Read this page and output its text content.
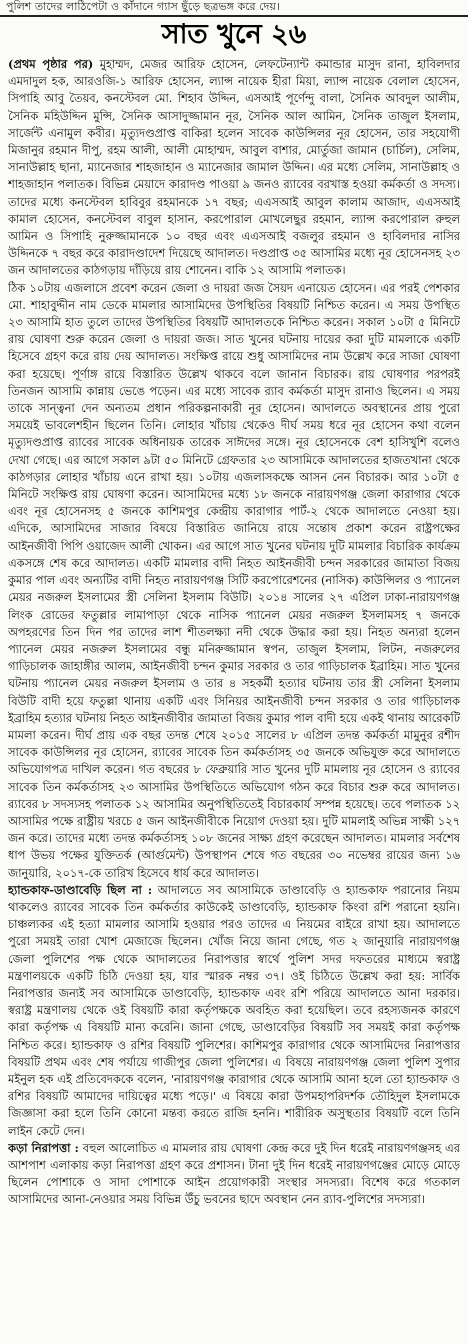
পুলিশ তাদের লাঠিপেটা ও কাঁদানে গ্যাস ছুঁড়ে ছত্রভঙ্গ করে দেয়।
সাত খুনে ২৬

(প্রথম পৃষ্ঠার পর) মুহাম্মদ, মেজর আরিফ হোসেন, লেফটেন্যান্ট কমান্ডার মাসুদ রানা, হাবিলদার এমদাদুল হক, আরওজি-১ আরিফ হোসেন, ল্যান্স নায়েক হীরা মিয়া, ল্যান্স নায়েক বেলাল হোসেন, সিপাহি আবু তৈয়ব, কনস্টেবল মো. শিহাব উদ্দিন, এসআই পূর্ণেন্দু বালা, সৈনিক আবদুল আলীম, সৈনিক মহিউদ্দিন মুন্সি, সৈনিক আসাদুজ্জামান নূর, সৈনিক আল আমিন, সৈনিক তাজুল ইসলাম, সার্জেন্ট এনামুল কবীর। মৃত্যুদণ্ডপ্রাপ্ত বাকিরা হলেন সাবেক কাউন্সিলর নূর হোসেন, তার সহযোগী মিজানুর রহমান দীপু, রহম আলী, আলী মোহাম্মদ, আবুল বাশার, মোর্তুজা জামান (চার্চিল), সেলিম, সানাউল্লাহ ছানা, ম্যানেজার শাহজাহান ও ম্যানেজার জামাল উদ্দিন। এর মধ্যে সেলিম, সানাউল্লাহ ও শাহজাহান পলাতক। বিভিন্ন মেয়াদে কারাদণ্ড পাওয়া ৯ জনও র‌্যাবের বরখাস্ত হওয়া কর্মকর্তা ও সদস্য। তাদের মধ্যে কনস্টেবল হাবিবুর রহমানকে ১৭ বছর; এএসআই আবুল কালাম আজাদ, এএসআই কামাল হোসেন, কনস্টেবল বাবুল হাসান, করপোরাল মোখলেছুর রহমান, ল্যান্স করপোরাল রুহুল আমিন ও সিপাহি নুরুজ্জামানকে ১০ বছর এবং এএসআই বজলুর রহমান ও হাবিলদার নাসির উদ্দিনকে ৭ বছর করে কারাদণ্ডাদেশ দিয়েছে আদালত। দণ্ডপ্রাপ্ত ৩৫ আসামির মধ্যে নূর হোসেনসহ ২৩ জন আদালতের কাঠগড়ায় দাঁড়িয়ে রায় শোনেন। বাকি ১২ আসামি পলাতক।

ঠিক ১০টায় এজলাসে প্রবেশ করেন জেলা ও দায়রা জজ সৈয়দ এনায়েত হোসেন। এর পরই পেশকার মো. শাহাবুদ্দীন নাম ডেকে মামলার আসামিদের উপস্থিতির বিষয়টি নিশ্চিত করেন। এ সময় উপস্থিত ২৩ আসামি হাত তুলে তাদের উপস্থিতির বিষয়টি আদালতকে নিশ্চিত করেন। সকাল ১০টা ৫ মিনিটে রায় ঘোষণা শুরু করেন জেলা ও দায়রা জজ। সাত খুনের ঘটনায় দায়ের করা দুটি মামলাকে একটি হিসেবে গ্রহণ করে রায় দেয় আদালত। সংক্ষিপ্ত রায়ে শুধু আসামিদের নাম উল্লেখ করে সাজা ঘোষণা করা হয়েছে। পূর্ণাঙ্গ রায়ে বিস্তারিত উল্লেখ থাকবে বলে জানান বিচারক। রায় ঘোষণার পরপরই তিনজন আসামি কান্নায় ভেঙে পড়েন। এর মধ্যে সাবেক র‌্যাব কর্মকর্তা মাসুদ রানাও ছিলেন। এ সময় তাকে সান্ত্বনা দেন অন্যতম প্রধান পরিকল্পনাকারী নূর হোসেন। আদালতে অবস্থানের প্রায় পুরো সময়েই ভাবলেশহীন ছিলেন তিনি। লোহার খাঁচায় থেকেও দীর্ঘ সময় ধরে নূর হোসেন কথা বলেন মৃত্যুদণ্ডপ্রাপ্ত র‌্যাবের সাবেক অধিনায়ক তারেক সাঈদের সঙ্গে। নূর হোসেনকে বেশ হাসিখুশি বলেও দেখা গেছে। এর আগে সকাল ৯টা ৫০ মিনিটে গ্রেফতার ২৩ আসামিকে আদালতের হাজতখানা থেকে কাঠগড়ার লোহার খাঁচায় এনে রাখা হয়। ১০টায় এজলাসকক্ষে আসন নেন বিচারক। আর ১০টা ৫ মিনিটে সংক্ষিপ্ত রায় ঘোষণা করেন। আসামিদের মধ্যে ১৮ জনকে নারায়ণগঞ্জ জেলা কারাগার থেকে এবং নূর হোসেনসহ ৫ জনকে কাশিমপুর কেন্দ্রীয় কারাগার পার্ট-২ থেকে আদালতে নেওয়া হয়। এদিকে, আসামিদের সাজার বিষয়ে বিস্তারিত জানিয়ে রায়ে সন্তোষ প্রকাশ করেন রাষ্ট্রপক্ষের আইনজীবী পিপি ওয়াজেদ আলী খোকন। এর আগে সাত খুনের ঘটনায় দুটি মামলার বিচারিক কার্যক্রম একসঙ্গে শেষ করে আদালত। একটি মামলার বাদী নিহত আইনজীবী চন্দন সরকারের জামাতা বিজয় কুমার পাল এবং অন্যটির বাদী নিহত নারায়ণগঞ্জ সিটি করপোরেশনের (নাসিক) কাউন্সিলর ও প্যানেল মেয়র নজরুল ইসলামের স্ত্রী সেলিনা ইসলাম বিউটি। ২০১৪ সালের ২৭ এপ্রিল ঢাকা-নারায়ণগঞ্জ লিংক রোডের ফতুল্লার লামাপাড়া থেকে নাসিক প্যানেল মেয়র নজরুল ইসলামসহ ৭ জনকে অপহরণের তিন দিন পর তাদের লাশ শীতলক্ষ্যা নদী থেকে উদ্ধার করা হয়। নিহত অন্যরা হলেন প্যানেল মেয়র নজরুল ইসলামের বন্ধু মনিরুজ্জামান স্বপন, তাজুল ইসলাম, লিটন, নজরুলের গাড়িচালক জাহাঙ্গীর আলম, আইনজীবী চন্দন কুমার সরকার ও তার গাড়িচালক ইব্রাহিম। সাত খুনের ঘটনায় প্যানেল মেয়র নজরুল ইসলাম ও তার ৪ সহকর্মী হত্যার ঘটনায় তার স্ত্রী সেলিনা ইসলাম বিউটি বাদী হয়ে ফতুল্লা থানায় একটি এবং সিনিয়র আইনজীবী চন্দন সরকার ও তার গাড়িচালক ইব্রাহিম হত্যার ঘটনায় নিহত আইনজীবীর জামাতা বিজয় কুমার পাল বাদী হয়ে একই থানায় আরেকটি মামলা করেন। দীর্ঘ প্রায় এক বছর তদন্ত শেষে ২০১৫ সালের ৮ এপ্রিল তদন্ত কর্মকর্তা মামুনুর রশীদ সাবেক কাউন্সিলর নূর হোসেন, র‌্যাবের সাবেক তিন কর্মকর্তাসহ ৩৫ জনকে অভিযুক্ত করে আদালতে অভিযোগপত্র দাখিল করেন। গত বছরের ৮ ফেব্রুয়ারি সাত খুনের দুটি মামলায় নূর হোসেন ও র‌্যাবের সাবেক তিন কর্মকর্তাসহ ২৩ আসামির উপস্থিতিতে অভিযোগ গঠন করে বিচার শুরু করে আদালত। র‌্যাবের ৮ সদস্যসহ পলাতক ১২ আসামির অনুপস্থিতিতেই বিচারকার্য সম্পন্ন হয়েছে। তবে পলাতক ১২ আসামির পক্ষে রাষ্ট্রীয় খরচে ৫ জন আইনজীবীকে নিয়োগ দেওয়া হয়। দুটি মামলাই অভিন্ন সাক্ষী ১২৭ জন করে। তাদের মধ্যে তদন্ত কর্মকর্তাসহ ১০৮ জনের সাক্ষ্য গ্রহণ করেছেন আদালত। মামলার সর্বশেষ ধাপ উভয় পক্ষের যুক্তিতর্ক (আর্গুমেন্ট) উপস্থাপন শেষে গত বছরের ৩০ নভেম্বর রায়ের জন্য ১৬ জানুয়ারি, ২০১৭-কে তারিখ হিসেবে ধার্য করে আদালত।

হ্যান্ডকাফ-ডাণ্ডাবেড়ি ছিল না : আদালতে সব আসামিকে ডাণ্ডাবেড়ি ও হ্যান্ডকাফ পরানোর নিয়ম থাকলেও র‌্যাবের সাবেক তিন কর্মকর্তার কাউকেই ডাণ্ডাবেড়ি, হ্যান্ডকাফ কিংবা রশি পরানো হয়নি। চাঞ্চল্যকর এই হত্যা মামলার আসামি হওয়ার পরও তাদের এ নিয়মের বাইরে রাখা হয়। আদালতে পুরো সময়ই তারা খোশ মেজাজে ছিলেন। খোঁজ নিয়ে জানা গেছে, গত ২ জানুয়ারি নারায়ণগঞ্জ জেলা পুলিশের পক্ষ থেকে আদালতের নিরাপত্তার স্বার্থে পুলিশ সদর দফতরের মাধ্যমে স্বরাষ্ট্র মন্ত্রণালয়কে একটি চিঠি দেওয়া হয়, যার স্মারক নম্বর ৩৭। ওই চিঠিতে উল্লেখ করা হয়: সার্বিক নিরাপত্তার জন্যই সব আসামিকে ডাণ্ডাবেড়ি, হ্যান্ডকাফ এবং রশি পরিয়ে আদালতে আনা দরকার। স্বরাষ্ট্র মন্ত্রণালয় থেকে ওই বিষয়টি কারা কর্তৃপক্ষকে অবহিত করা হয়েছিল। তবে রহস্যজনক কারণে কারা কর্তৃপক্ষ এ বিষয়টি মান্য করেনি। জানা গেছে, ডাণ্ডাবেড়ির বিষয়টি সব সময়ই কারা কর্তৃপক্ষ নিশ্চিত করে। হ্যান্ডকাফ ও রশির বিষয়টি পুলিশের। কাশিমপুর কারাগার থেকে আসামিদের নিরাপত্তার বিষয়টি প্রথম এবং শেষ পর্যায়ে গাজীপুর জেলা পুলিশের। এ বিষয়ে নারায়ণগঞ্জ জেলা পুলিশ সুপার মইনুল হক এই প্রতিবেদককে বলেন, 'নারায়ণগঞ্জ কারাগার থেকে আসামি আনা হলে তো হ্যান্ডকাফ ও রশির বিষয়টি আমাদের দায়িত্বের মধ্যে পড়ে।' এ বিষয়ে কারা উপমহাপরিদর্শক তৌহিদুল ইসলামকে জিজ্ঞাসা করা হলে তিনি কোনো মন্তব্য করতে রাজি হননি। শারীরিক অসুস্থতার বিষয়টি বলে তিনি লাইন কেটে দেন।

কড়া নিরাপত্তা : বহুল আলোচিত এ মামলার রায় ঘোষণা কেন্দ্র করে দুই দিন ধরেই নারায়ণগঞ্জসহ এর আশপাশ এলাকায় কড়া নিরাপত্তা গ্রহণ করে প্রশাসন। টানা দুই দিন ধরেই নারায়ণগঞ্জের মোড়ে মোড়ে ছিলেন পোশাকে ও সাদা পোশাকে আইন প্রয়োগকারী সংস্থার সদস্যরা। বিশেষ করে গতকাল আসামিদের আনা-নেওয়ার সময় বিভিন্ন উঁচু ভবনের ছাদে অবস্থান নেন র‌্যাব-পুলিশের সদস্যরা।
